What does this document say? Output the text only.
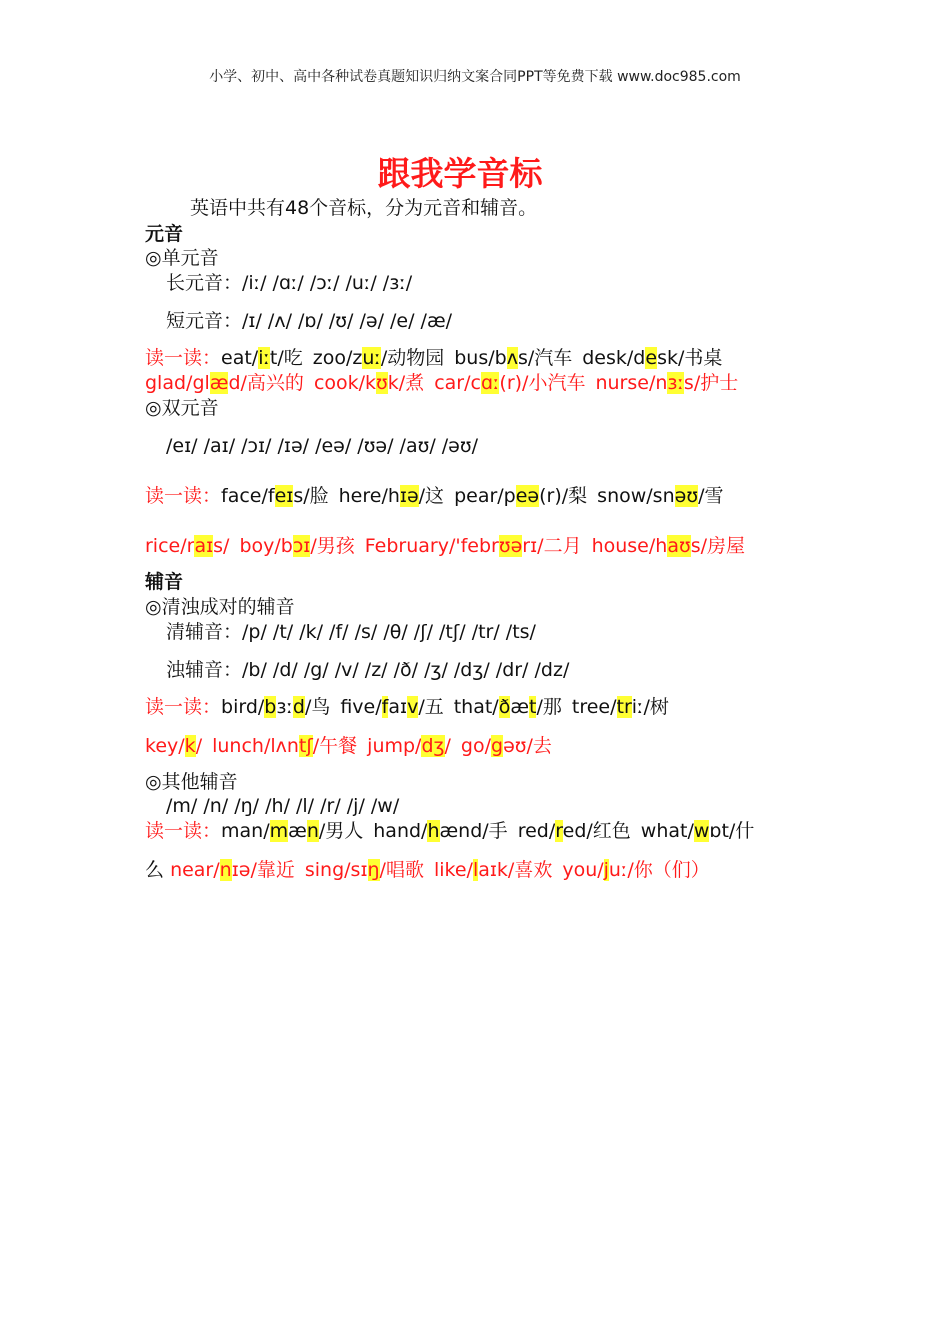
小学、初中、高中各种试卷真题知识归纳文案合同PPT等免费下载 www.doc985.com
跟我学音标
英语中共有48个音标，分为元音和辅音。
元音
◎单元音
长元音：/iː/ /ɑː/ /ɔː/ /uː/ /ɜː/
短元音：/ɪ/ /ʌ/ /ɒ/ /ʊ/ /ə/ /e/ /æ/
读一读：eat/iːt/吃 zoo/zuː/动物园 bus/bʌs/汽车 desk/desk/书桌
glad/glæd/高兴的 cook/kʊk/煮 car/cɑː(r)/小汽车 nurse/nɜːs/护士
◎双元音
/eɪ/ /aɪ/ /ɔɪ/ /ɪə/ /eə/ /ʊə/ /aʊ/ /əʊ/
读一读：face/feɪs/脸 here/hɪə/这 pear/peə(r)/梨 snow/snəʊ/雪
rice/raɪs/ boy/bɔɪ/男孩 February/'febrʊərɪ/二月 house/haʊs/房屋
辅音
◎清浊成对的辅音
清辅音：/p/ /t/ /k/ /f/ /s/ /θ/ /ʃ/ /tʃ/ /tr/ /ts/
浊辅音：/b/ /d/ /g/ /v/ /z/ /ð/ /ʒ/ /dʒ/ /dr/ /dz/
读一读：bird/bɜːd/鸟 five/faɪv/五 that/ðæt/那 tree/triː/树
key/k/ lunch/lʌntʃ/午餐 jump/dʒ/ go/gəʊ/去
◎其他辅音
/m/ /n/ /ŋ/ /h/ /l/ /r/ /j/ /w/
读一读：man/mæn/男人 hand/hænd/手 red/red/红色 what/wɒt/什
么 near/nɪə/靠近 sing/sɪŋ/唱歌 like/laɪk/喜欢 you/juː/你（们）
